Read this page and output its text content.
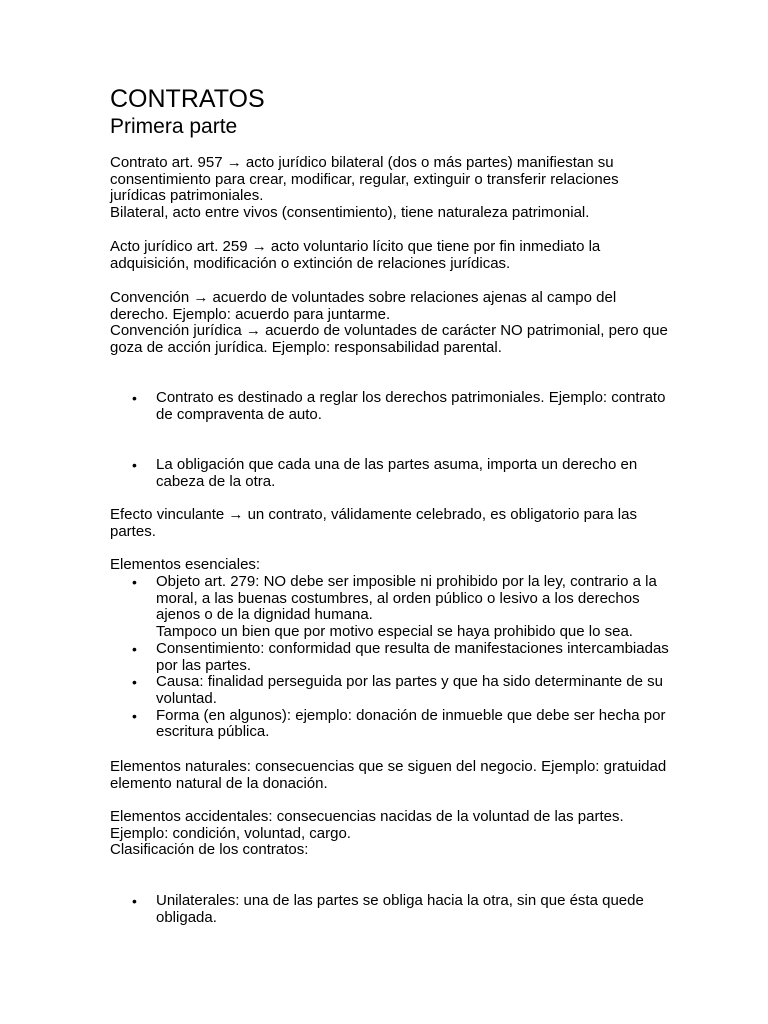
CONTRATOS
Primera parte

Contrato art. 957 → acto jurídico bilateral (dos o más partes) manifiestan su consentimiento para crear, modificar, regular, extinguir o transferir relaciones jurídicas patrimoniales.

Bilateral, acto entre vivos (consentimiento), tiene naturaleza patrimonial.

Acto jurídico art. 259 → acto voluntario lícito que tiene por fin inmediato la adquisición, modificación o extinción de relaciones jurídicas.

Convención → acuerdo de voluntades sobre relaciones ajenas al campo del derecho. Ejemplo: acuerdo para juntarme.

Convención jurídica → acuerdo de voluntades de carácter NO patrimonial, pero que goza de acción jurídica. Ejemplo: responsabilidad parental.

• Contrato es destinado a reglar los derechos patrimoniales. Ejemplo: contrato de compraventa de auto.
• La obligación que cada una de las partes asuma, importa un derecho en cabeza de la otra.

Efecto vinculante → un contrato, válidamente celebrado, es obligatorio para las partes.

Elementos esenciales:

• Objeto art. 279: NO debe ser imposible ni prohibido por la ley, contrario a la moral, a las buenas costumbres, al orden público o lesivo a los derechos ajenos o de la dignidad humana.
Tampoco un bien que por motivo especial se haya prohibido que lo sea.
• Consentimiento: conformidad que resulta de manifestaciones intercambiadas por las partes.
• Causa: finalidad perseguida por las partes y que ha sido determinante de su voluntad.
• Forma (en algunos): ejemplo: donación de inmueble que debe ser hecha por escritura pública.

Elementos naturales: consecuencias que se siguen del negocio. Ejemplo: gratuidad elemento natural de la donación.

Elementos accidentales: consecuencias nacidas de la voluntad de las partes.

Ejemplo: condición, voluntad, cargo.

Clasificación de los contratos:

• Unilaterales: una de las partes se obliga hacia la otra, sin que ésta quede obligada.
